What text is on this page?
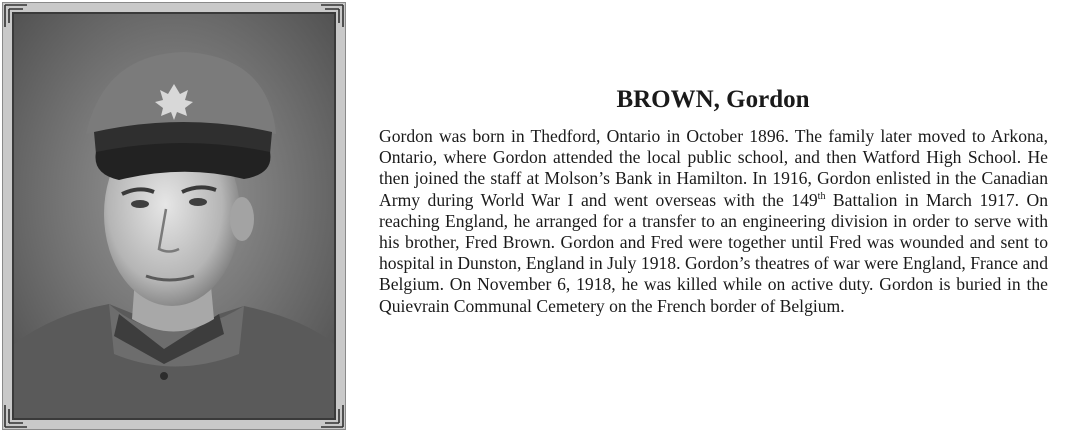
BROWN, Gordon

Gordon was born in Thedford, Ontario in October 1896. The family later moved to Arkona, Ontario, where Gordon attended the local public school, and then Watford High School. He then joined the staff at Molson’s Bank in Hamilton. In 1916, Gordon enlisted in the Canadian Army during World War I and went overseas with the 149th Battalion in March 1917. On reaching England, he arranged for a transfer to an engineering division in order to serve with his brother, Fred Brown. Gordon and Fred were together until Fred was wounded and sent to hospital in Dunston, England in July 1918. Gordon’s theatres of war were England, France and Belgium. On November 6, 1918, he was killed while on active duty. Gordon is buried in the Quievrain Communal Cemetery on the French border of Belgium.
